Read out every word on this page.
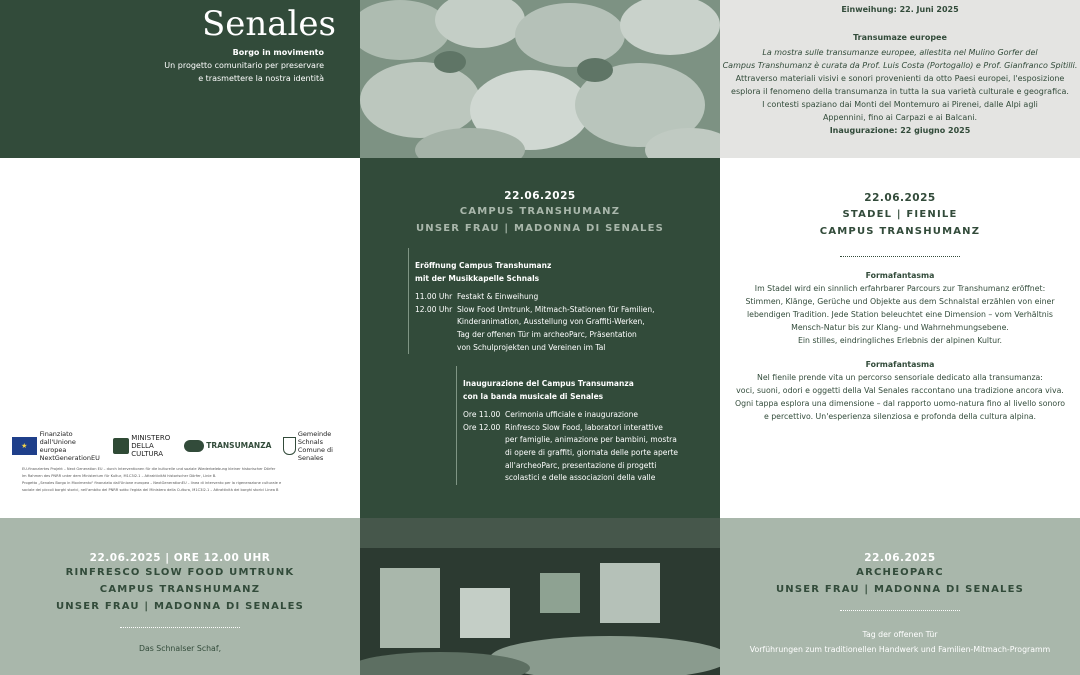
Senales
Borgo in movimento
Un progetto comunitario per preservare
e trasmettere la nostra identità
Einweihung: 22. Juni 2025
Transumaze europee
La mostra sulle transumanze europee, allestita nel Mulino Gorfer del
Campus Transhumanz è curata da Prof. Luis Costa (Portogallo) e Prof. Gianfranco Spitilli.
Attraverso materiali visivi e sonori provenienti da otto Paesi europei, l'esposizione
esplora il fenomeno della transumanza in tutta la sua varietà culturale e geografica.
I contesti spaziano dai Monti del Montemuro ai Pirenei, dalle Alpi agli
Appennini, fino ai Carpazi e ai Balcani.
Inaugurazione: 22 giugno 2025
★
Finanziato
dall'Unione europea
NextGenerationEU
MINISTERO
DELLA
CULTURA
TRANSUMANZA
Gemeinde Schnals
Comune di Senales
EU-finanziertes Projekt – Next Generation EU – durch Interventionen für die kulturelle und soziale Wiederbelebung kleiner historischer Dörfer
Im Rahmen des PNRR unter dem Ministerium für Kultur, M1C3I2.1 – Attraktivität historischer Dörfer, Linie B.
Progetto „Senales Borgo in Movimento" finanziato dall'Unione europea – NextGenerationEU – linea di intervento per la rigenerazione culturale e
sociale dei piccoli borghi storici, nell'ambito del PNRR sotto l'egida del Ministero della Cultura, M1C3I2.1 – Attrattività dei borghi storici Linea B
22.06.2025
CAMPUS TRANSHUMANZ
UNSER FRAU | MADONNA DI SENALES
Eröffnung Campus Transhumanz
mit der Musikkapelle Schnals
11.00 Uhr Festakt & Einweihung
12.00 Uhr Slow Food Umtrunk, Mitmach-Stationen für Familien,
Kinderanimation, Ausstellung von Graffiti-Werken,
Tag der offenen Tür im archeoParc, Präsentation
von Schulprojekten und Vereinen im Tal
Inaugurazione del Campus Transumanza
con la banda musicale di Senales
Ore 11.00 Cerimonia ufficiale e inaugurazione
Ore 12.00 Rinfresco Slow Food, laboratori interattive
per famiglie, animazione per bambini, mostra
di opere di graffiti, giornata delle porte aperte
all'archeoParc, presentazione di progetti
scolastici e delle associazioni della valle
22.06.2025
STADEL | FIENILE
CAMPUS TRANSHUMANZ
Formafantasma
Im Stadel wird ein sinnlich erfahrbarer Parcours zur Transhumanz eröffnet:
Stimmen, Klänge, Gerüche und Objekte aus dem Schnalstal erzählen von einer
lebendigen Tradition. Jede Station beleuchtet eine Dimension – vom Verhältnis
Mensch-Natur bis zur Klang- und Wahrnehmungsebene.
Ein stilles, eindringliches Erlebnis der alpinen Kultur.
Formafantasma
Nel fienile prende vita un percorso sensoriale dedicato alla transumanza:
voci, suoni, odori e oggetti della Val Senales raccontano una tradizione ancora viva.
Ogni tappa esplora una dimensione – dal rapporto uomo-natura fino al livello sonoro
e percettivo. Un'esperienza silenziosa e profonda della cultura alpina.
22.06.2025 | ORE 12.00 UHR
RINFRESCO SLOW FOOD UMTRUNK
CAMPUS TRANSHUMANZ
UNSER FRAU | MADONNA DI SENALES
Das Schnalser Schaf,
22.06.2025
ARCHEOPARC
UNSER FRAU | MADONNA DI SENALES
Tag der offenen Tür
Vorführungen zum traditionellen Handwerk und Familien-Mitmach-Programm
